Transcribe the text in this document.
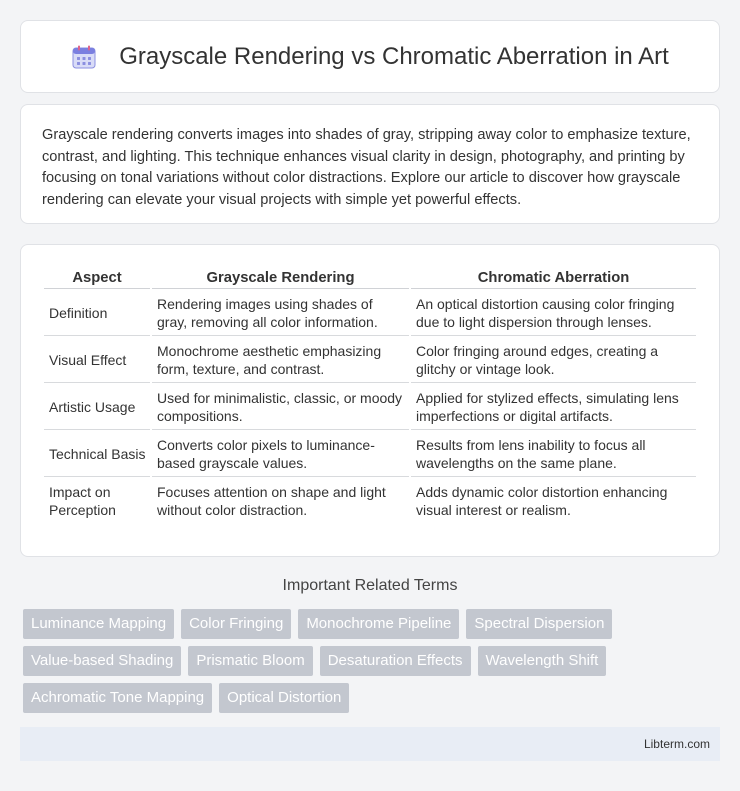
Grayscale Rendering vs Chromatic Aberration in Art

Grayscale rendering converts images into shades of gray, stripping away color to emphasize texture, contrast, and lighting. This technique enhances visual clarity in design, photography, and printing by focusing on tonal variations without color distractions. Explore our article to discover how grayscale rendering can elevate your visual projects with simple yet powerful effects.

Aspect	Grayscale Rendering	Chromatic Aberration
Definition	Rendering images using shades of gray, removing all color information.	An optical distortion causing color fringing due to light dispersion through lenses.
Visual Effect	Monochrome aesthetic emphasizing form, texture, and contrast.	Color fringing around edges, creating a glitchy or vintage look.
Artistic Usage	Used for minimalistic, classic, or moody compositions.	Applied for stylized effects, simulating lens imperfections or digital artifacts.
Technical Basis	Converts color pixels to luminance-based grayscale values.	Results from lens inability to focus all wavelengths on the same plane.
Impact on Perception	Focuses attention on shape and light without color distraction.	Adds dynamic color distortion enhancing visual interest or realism.
Important Related Terms
Luminance Mapping	Color Fringing	Monochrome Pipeline	Spectral Dispersion
Value-based Shading	Prismatic Bloom	Desaturation Effects	Wavelength Shift
Achromatic Tone Mapping	Optical Distortion
Libterm.com
